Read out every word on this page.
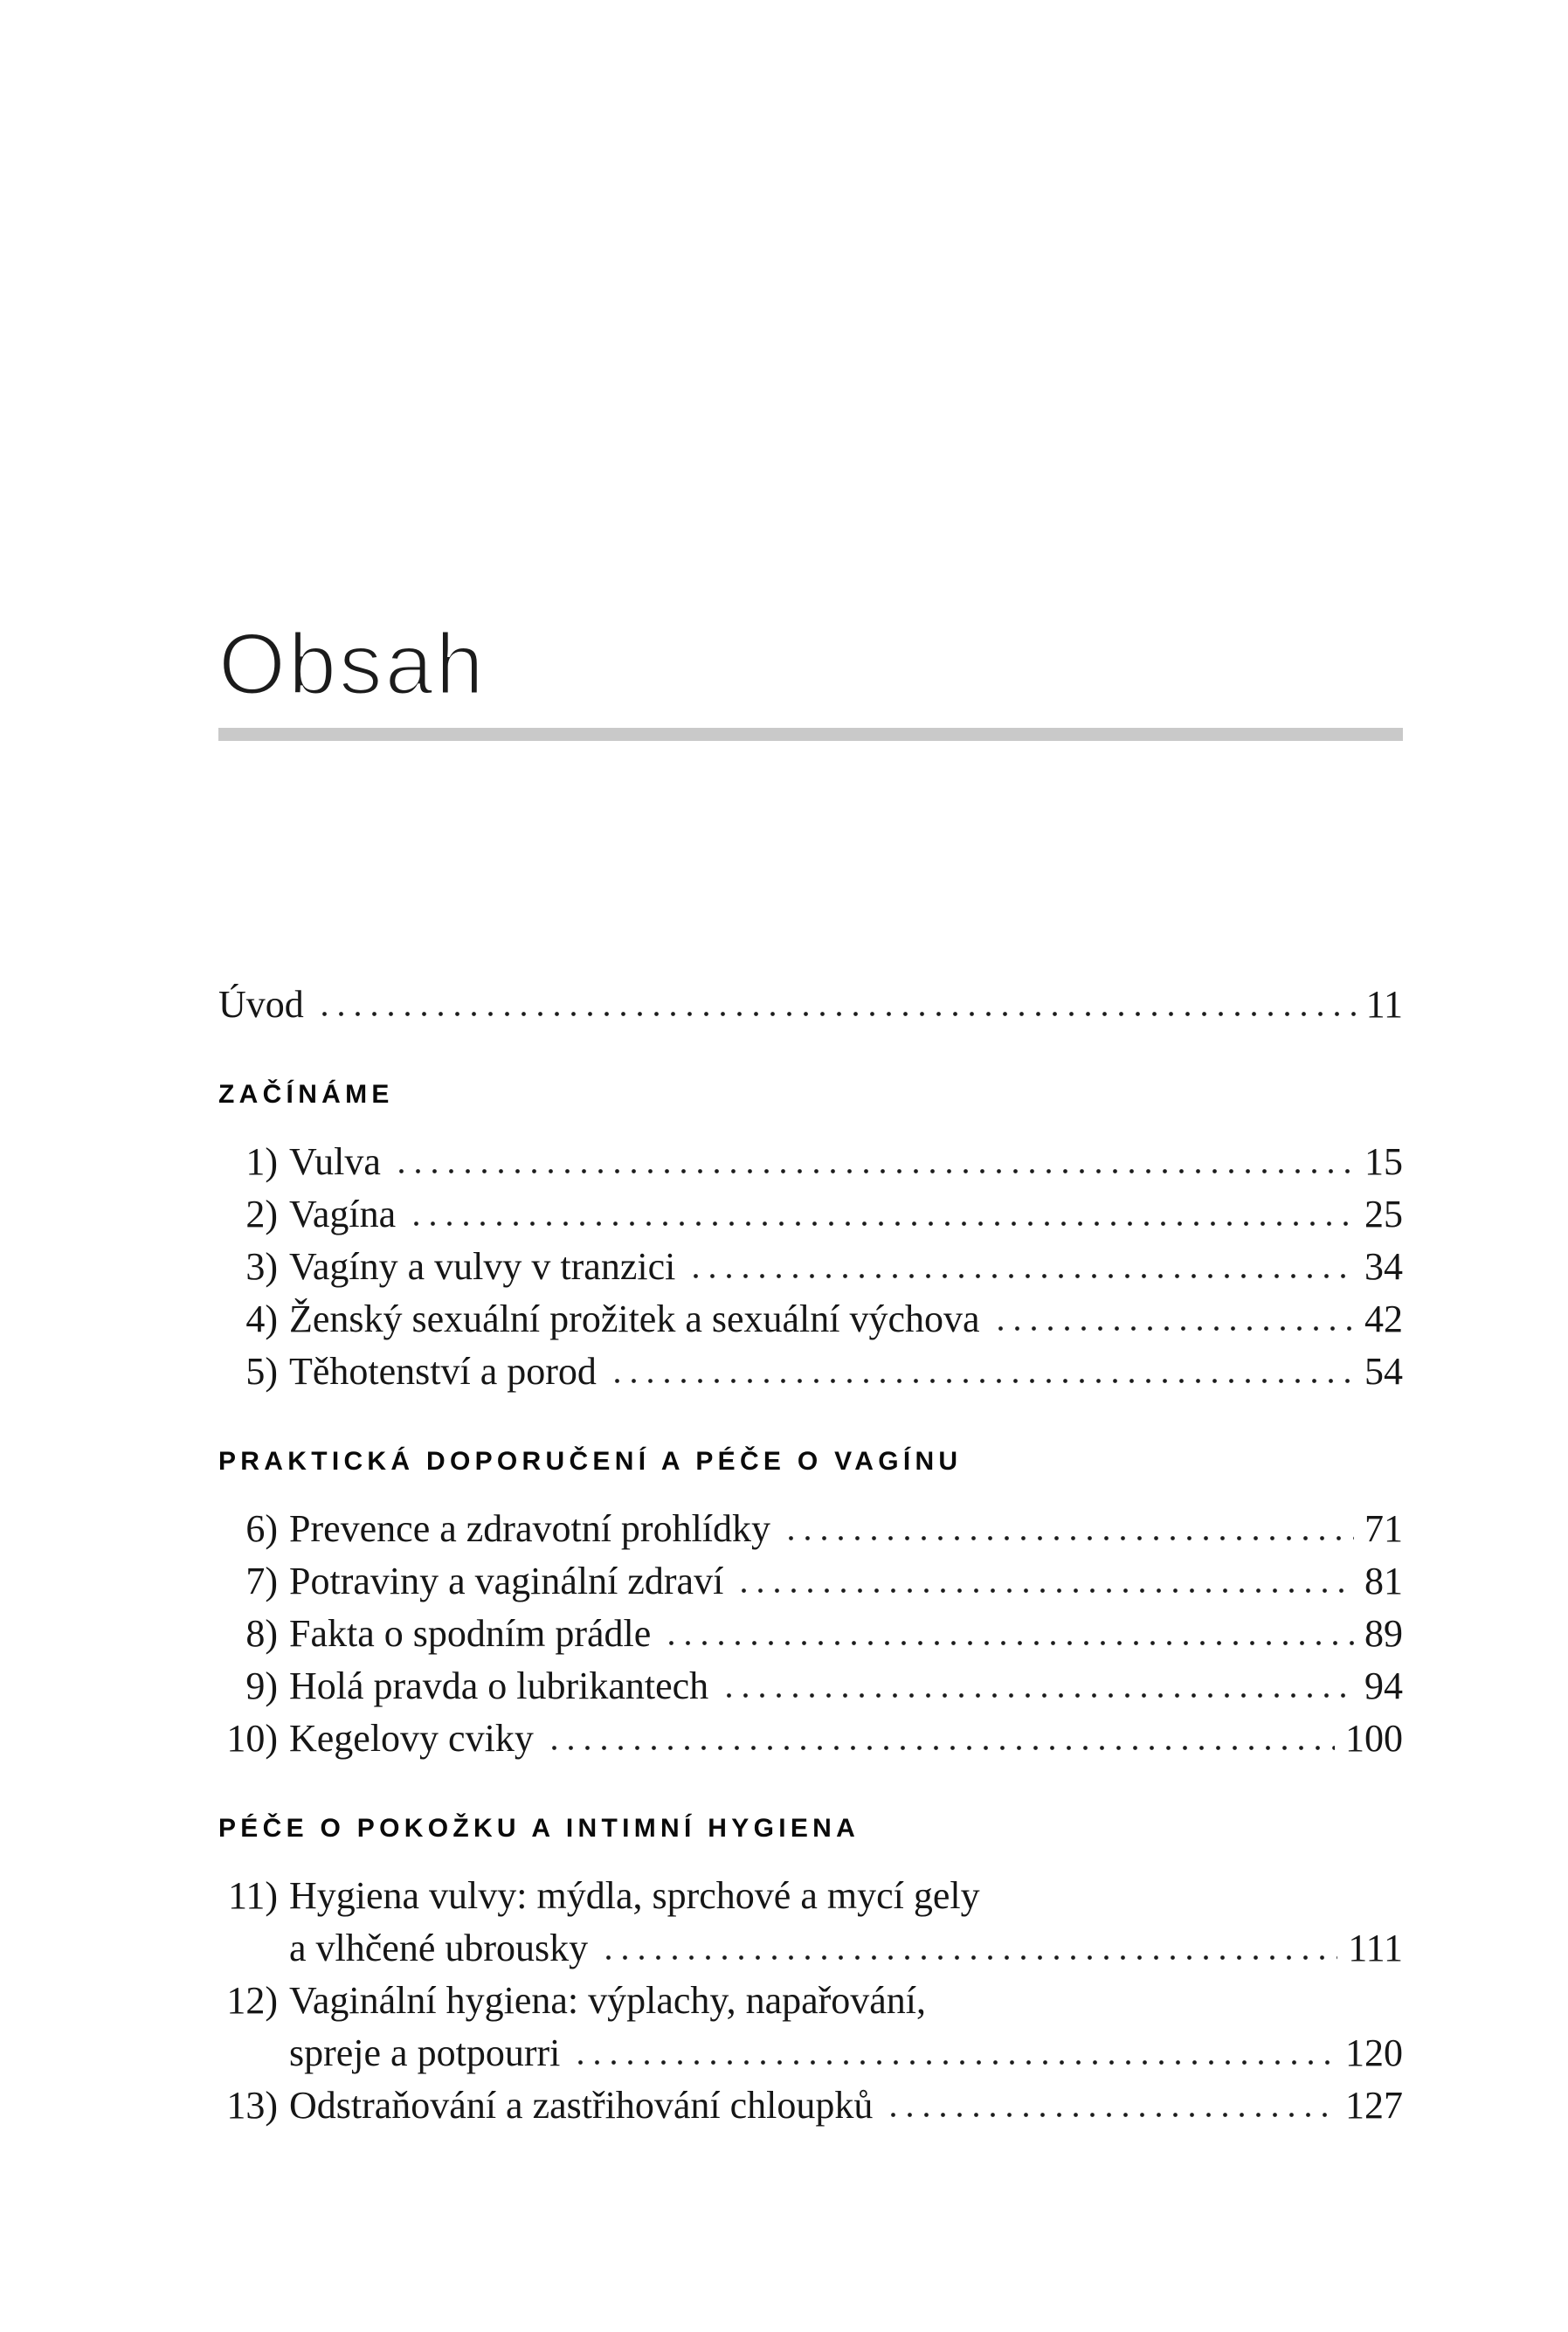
Obsah
Úvod	11
ZAČÍNÁME
1) Vulva	15
2) Vagína	25
3) Vagíny a vulvy v tranzici	34
4) Ženský sexuální prožitek a sexuální výchova	42
5) Těhotenství a porod	54
PRAKTICKÁ DOPORUČENÍ A PÉČE O VAGÍNU
6) Prevence a zdravotní prohlídky	71
7) Potraviny a vaginální zdraví	81
8) Fakta o spodním prádle	89
9) Holá pravda o lubrikantech	94
10) Kegelovy cviky	100
PÉČE O POKOŽKU A INTIMNÍ HYGIENA
11) Hygiena vulvy: mýdla, sprchové a mycí gely
a vlhčené ubrousky	111
12) Vaginální hygiena: výplachy, napařování,
spreje a potpourri	120
13) Odstraňování a zastřihování chloupků	127
